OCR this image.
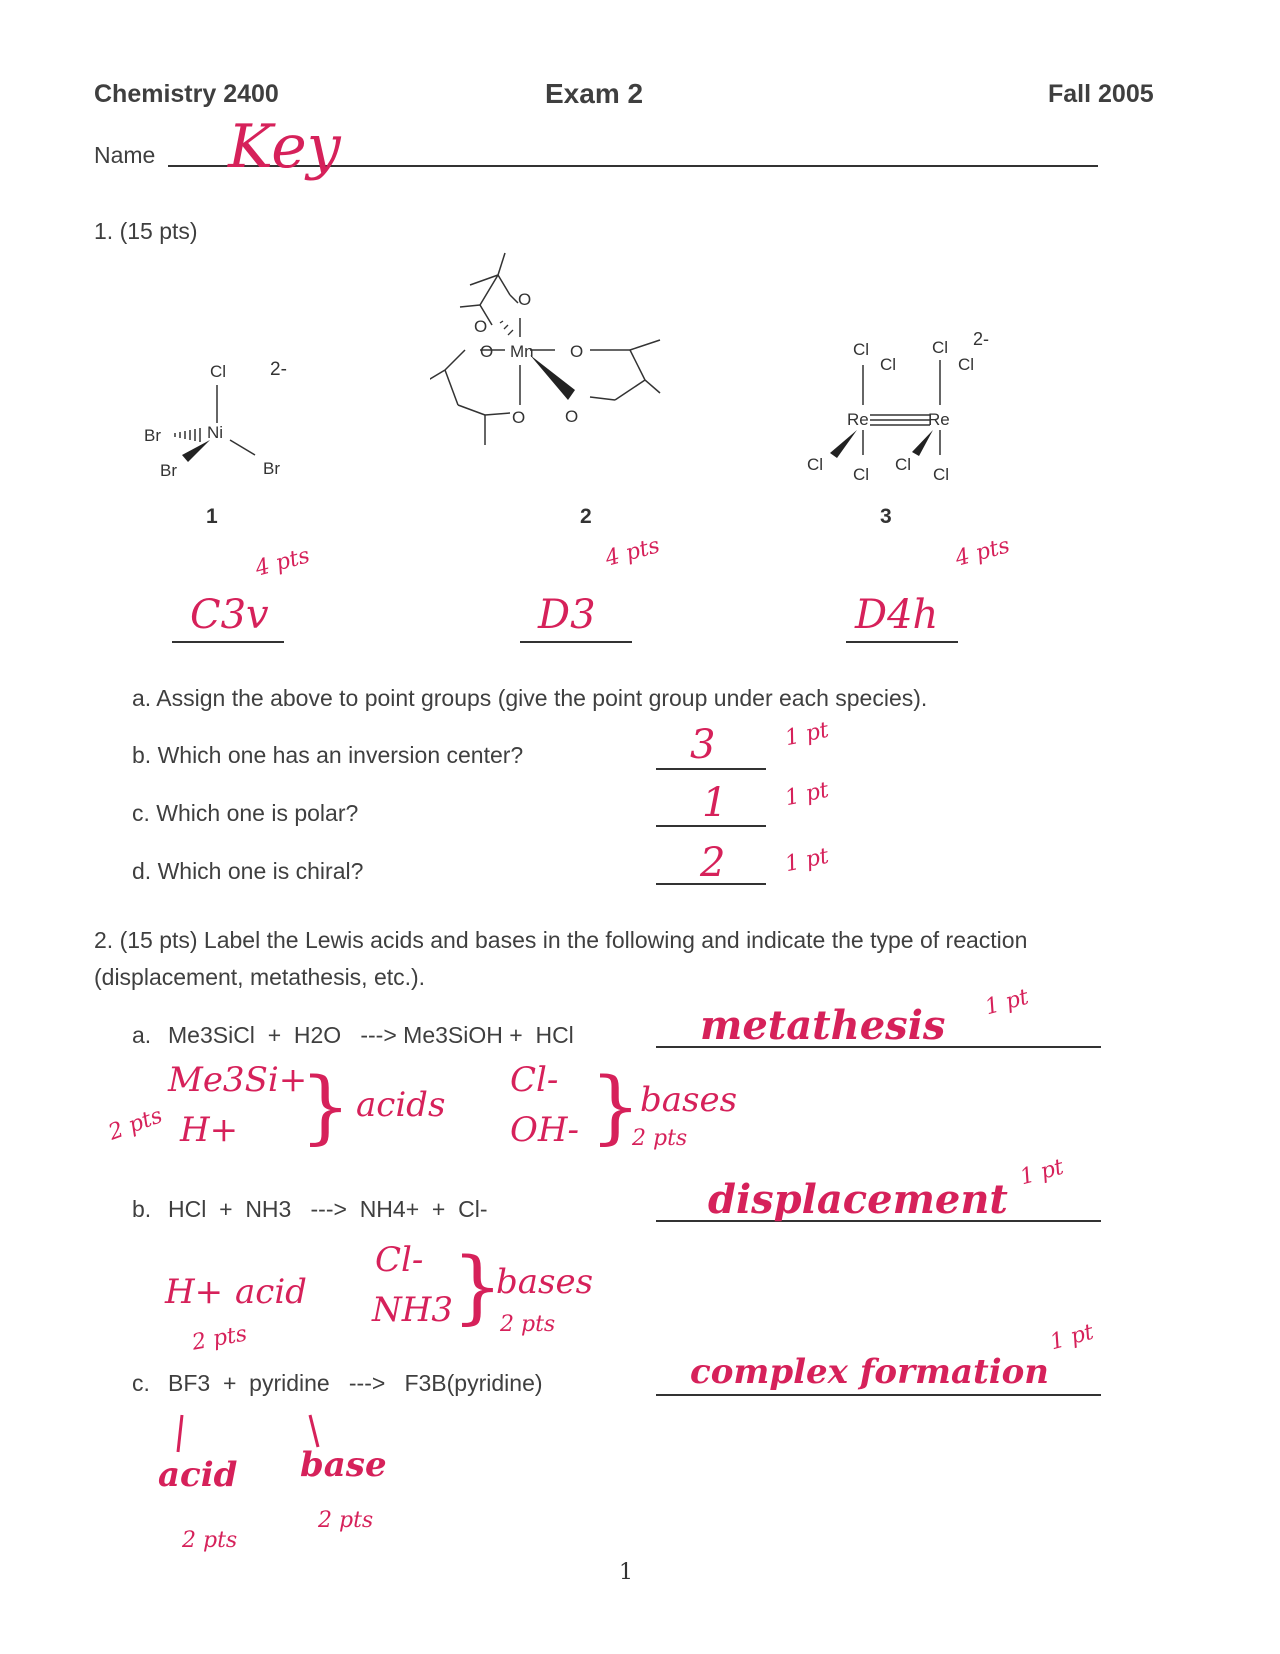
Chemistry 2400	Exam 2	Fall 2005
Name Key
1. (15 pts)
Cl
Ni
Br
Br	Br
2-
1
O
O
Mn
O	O
O
O
2
Cl
Cl
Cl
Cl
Re	Re
Cl
Cl
Cl
Cl
2-
3
C3v
4 pts
D3
4 pts
D4h
4 pts
a. Assign the above to point groups (give the point group under each species).
b. Which one has an inversion center?	3	1 pt
c. Which one is polar?	1	1 pt
d. Which one is chiral?	2	1 pt
2. (15 pts) Label the Lewis acids and bases in the following and indicate the type of reaction
(displacement, metathesis, etc.).
a. Me3SiCl  +  H2O   ---> Me3SiOH +  HCl	metathesis 1 pt
Me3Si+
H+ } acids
2 pts
Cl-
OH- } bases
2 pts
b. HCl  +  NH3   --->  NH4+  +  Cl-	displacement
1 pt
H+ acid
2 pts
Cl-
NH3
}
bases
2 pts
c. BF3  +  pyridine   --->   F3B(pyridine)	complex formation
1 pt
acid base
2 pts
2 pts
1
